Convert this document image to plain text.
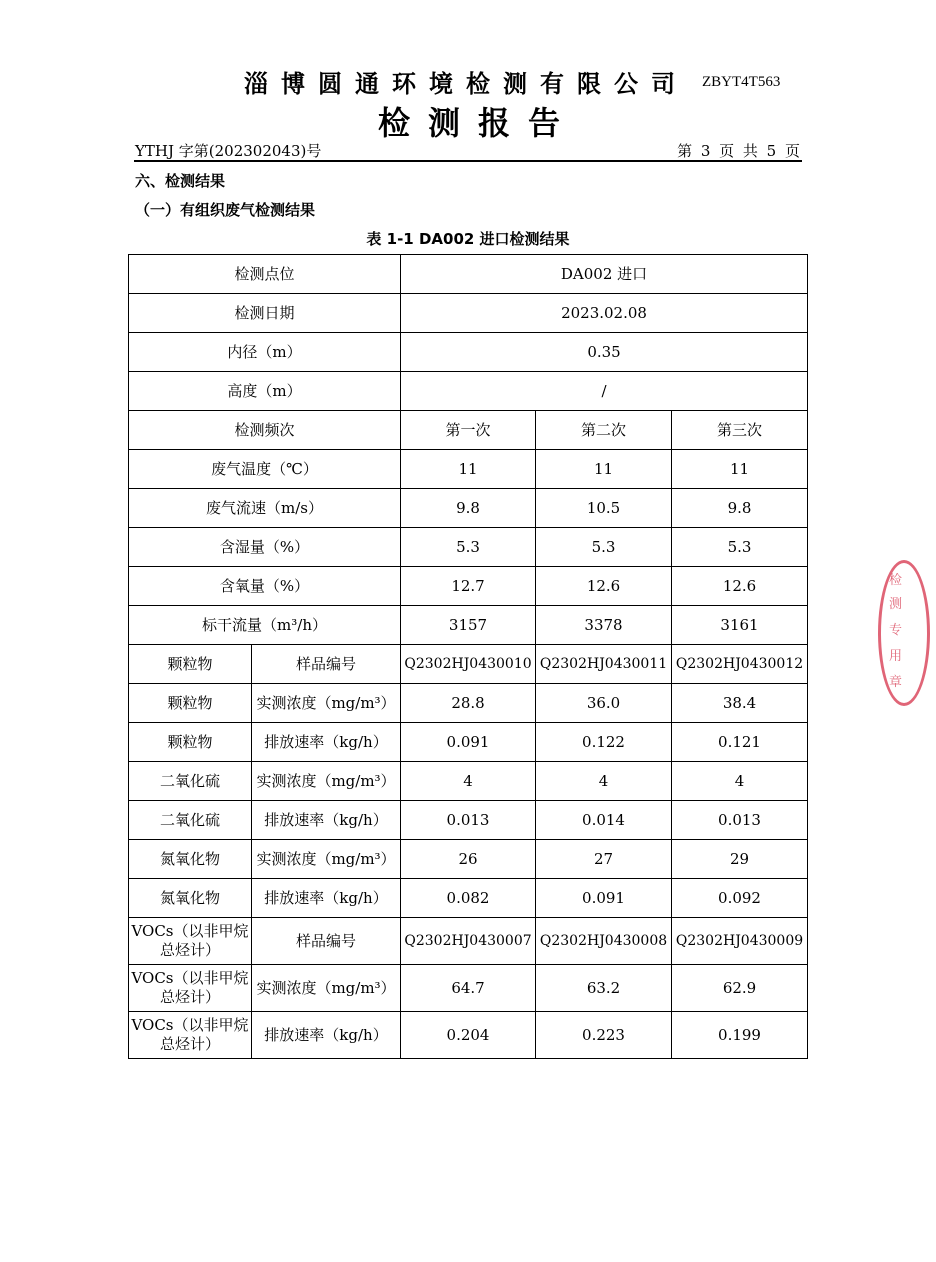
淄博圆通环境检测有限公司 ZBYT4T563
检测报告
YTHJ 字第(202302043)号	第 3 页 共 5 页
六、检测结果
（一）有组织废气检测结果
表 1-1 DA002 进口检测结果
检测点位		DA002 进口		
检测日期		2023.02.08		
内径（m）		0.35		
高度（m）		/		
检测频次		第一次	第二次	第三次
废气温度（℃）		11	11	11
废气流速（m/s）		9.8	10.5	9.8
含湿量（%）		5.3	5.3	5.3
含氧量（%）		12.7	12.6	12.6
标干流量（m³/h）		3157	3378	3161
颗粒物	样品编号	Q2302HJ0430010	Q2302HJ0430011	Q2302HJ0430012
颗粒物	实测浓度（mg/m³）	28.8	36.0	38.4
颗粒物	排放速率（kg/h）	0.091	0.122	0.121
二氧化硫	实测浓度（mg/m³）	4	4	4
二氧化硫	排放速率（kg/h）	0.013	0.014	0.013
氮氧化物	实测浓度（mg/m³）	26	27	29
氮氧化物	排放速率（kg/h）	0.082	0.091	0.092
VOCs（以非甲烷总烃计）	样品编号	Q2302HJ0430007	Q2302HJ0430008	Q2302HJ0430009
VOCs（以非甲烷总烃计）	实测浓度（mg/m³）	64.7	63.2	62.9
VOCs（以非甲烷总烃计）	排放速率（kg/h）	0.204	0.223	0.199
检
测
专
用
章
